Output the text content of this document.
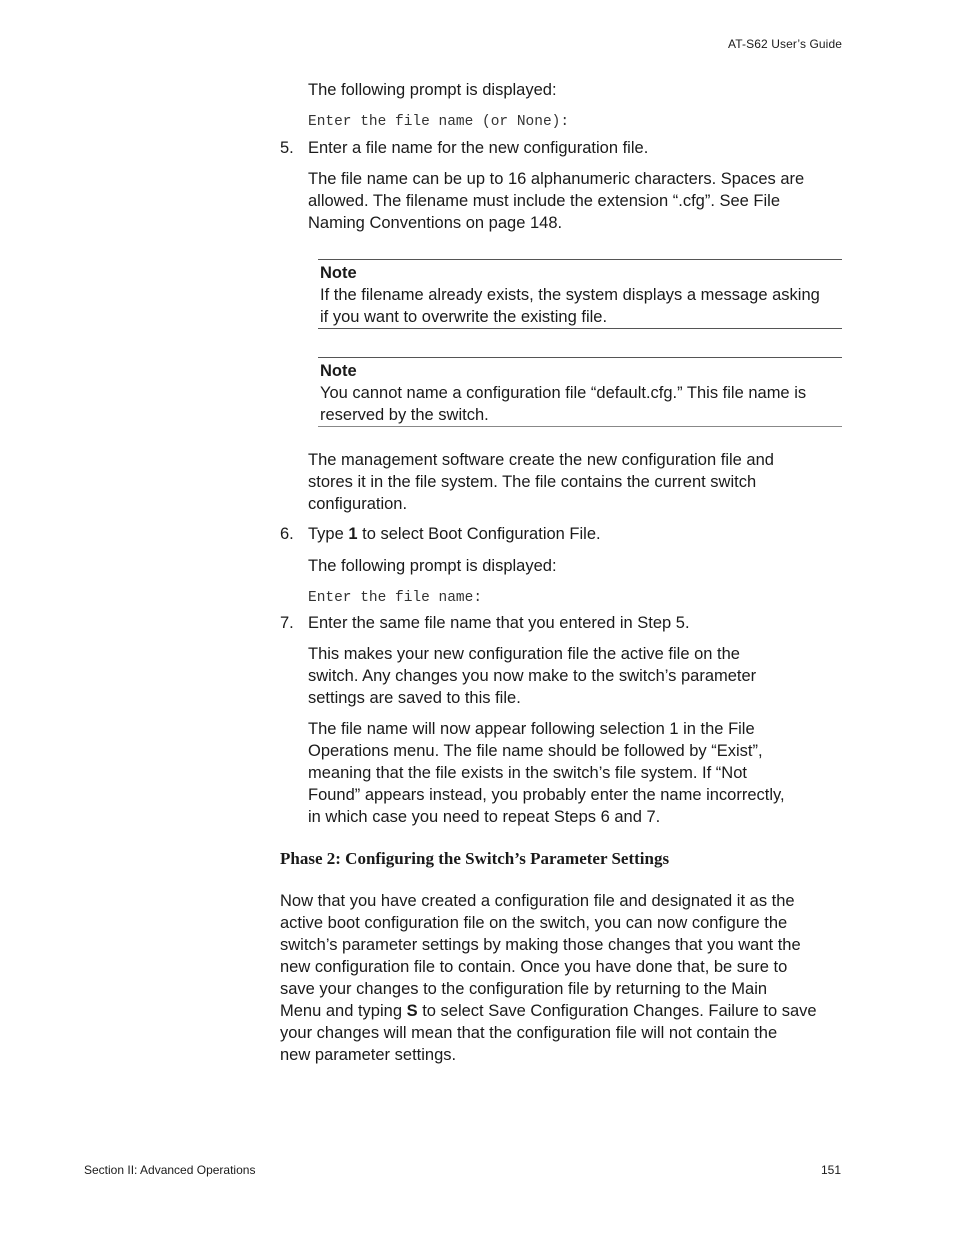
AT-S62 User’s Guide
The following prompt is displayed:
Enter the file name (or None):
5. Enter a file name for the new configuration file.
The file name can be up to 16 alphanumeric characters. Spaces are
allowed. The filename must include the extension “.cfg”. See File
Naming Conventions on page 148.
Note
If the filename already exists, the system displays a message asking
if you want to overwrite the existing file.
Note
You cannot name a configuration file “default.cfg.” This file name is
reserved by the switch.
The management software create the new configuration file and
stores it in the file system. The file contains the current switch
configuration.
6. Type 1 to select Boot Configuration File.
The following prompt is displayed:
Enter the file name:
7. Enter the same file name that you entered in Step 5.
This makes your new configuration file the active file on the
switch. Any changes you now make to the switch’s parameter
settings are saved to this file.
The file name will now appear following selection 1 in the File
Operations menu. The file name should be followed by “Exist”,
meaning that the file exists in the switch’s file system. If “Not
Found” appears instead, you probably enter the name incorrectly,
in which case you need to repeat Steps 6 and 7.
Phase 2: Configuring the Switch’s Parameter Settings
Now that you have created a configuration file and designated it as the
active boot configuration file on the switch, you can now configure the
switch’s parameter settings by making those changes that you want the
new configuration file to contain. Once you have done that, be sure to
save your changes to the configuration file by returning to the Main
Menu and typing S to select Save Configuration Changes. Failure to save
your changes will mean that the configuration file will not contain the
new parameter settings.
Section II: Advanced Operations	151
